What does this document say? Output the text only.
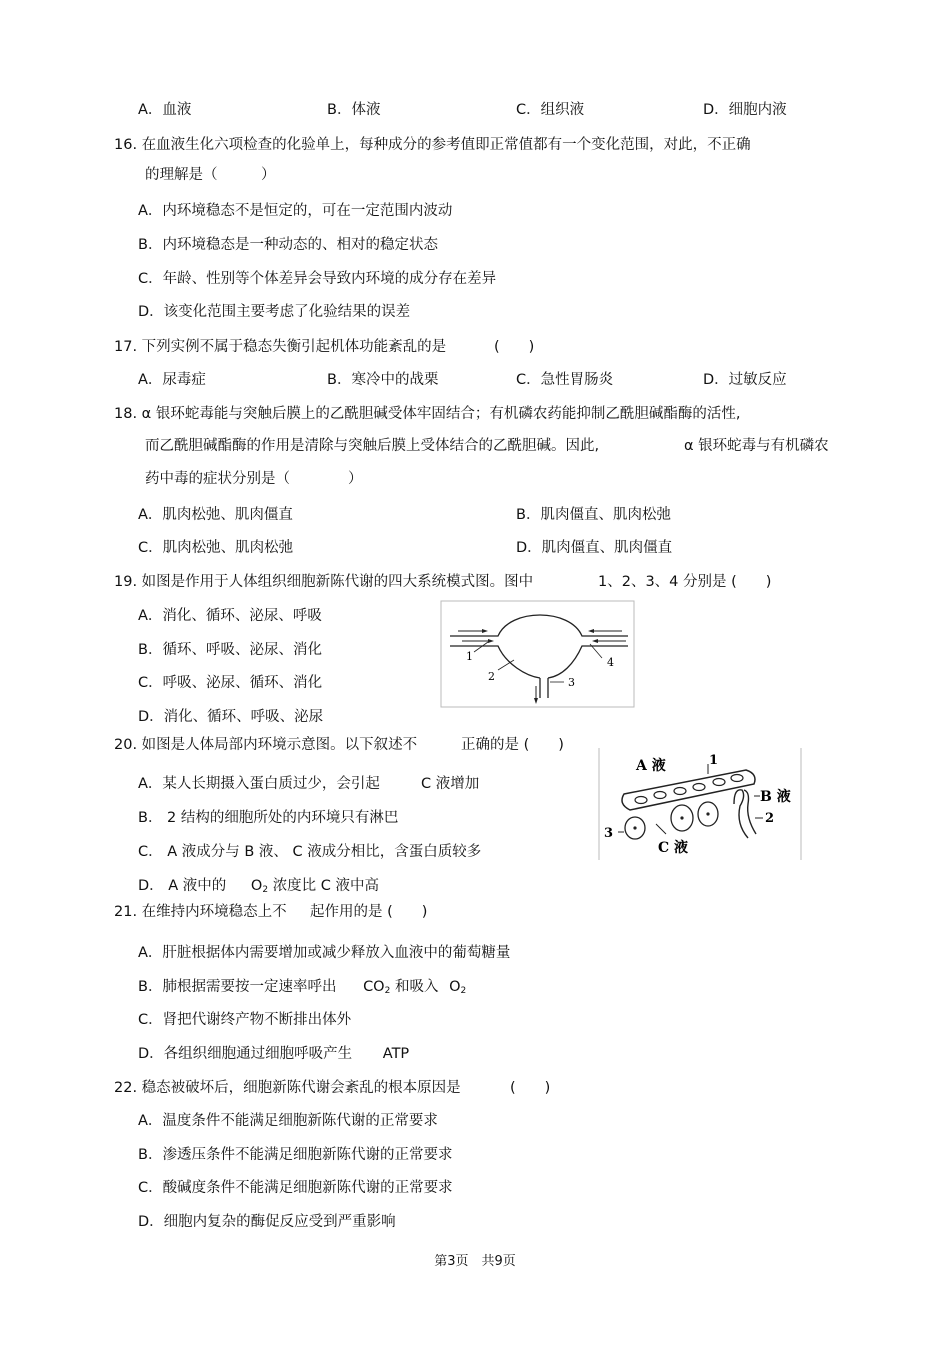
A．血液	B．体液	C．组织液	D．细胞内液
16. 在血液生化六项检查的化验单上，每种成分的参考值即正常值都有一个变化范围，对此，不正确
的理解是（　　　）
A．内环境稳态不是恒定的，可在一定范围内波动
B．内环境稳态是一种动态的、相对的稳定状态
C．年龄、性别等个体差异会导致内环境的成分存在差异
D．该变化范围主要考虑了化验结果的误差
17. 下列实例不属于稳态失衡引起机体功能紊乱的是	(　　)
A．尿毒症	B．寒冷中的战栗	C．急性胃肠炎	D．过敏反应
18. α 银环蛇毒能与突触后膜上的乙酰胆碱受体牢固结合；有机磷农药能抑制乙酰胆碱酯酶的活性,
而乙酰胆碱酯酶的作用是清除与突触后膜上受体结合的乙酰胆碱。因此,	α 银环蛇毒与有机磷农
药中毒的症状分别是（　　　　）
A．肌肉松弛、肌肉僵直	B．肌肉僵直、肌肉松弛
C．肌肉松弛、肌肉松弛	D．肌肉僵直、肌肉僵直
19. 如图是作用于人体组织细胞新陈代谢的四大系统模式图。图中	1、2、3、4 分别是 (　　)
A．消化、循环、泌尿、呼吸
B．循环、呼吸、泌尿、消化
C．呼吸、泌尿、循环、消化
D．消化、循环、呼吸、泌尿
1
2	3
4
20. 如图是人体局部内环境示意图。以下叙述不	正确的是 (　　)
A．某人长期摄入蛋白质过少，会引起	C 液增加
B． 2 结构的细胞所处的内环境只有淋巴
C． A 液成分与 B 液、 C 液成分相比，含蛋白质较多
D． A 液中的 $O_2$ 浓度比 C 液中高
A 液	1
B 液
2
3
C 液
21. 在维持内环境稳态上不 起作用的是 (　　)
A．肝脏根据体内需要增加或减少释放入血液中的葡萄糖量
B．肺根据需要按一定速率呼出 $CO_2$ 和吸入 $O_2$
C．肾把代谢终产物不断排出体外
D．各组织细胞通过细胞呼吸产生 ATP
22. 稳态被破坏后，细胞新陈代谢会紊乱的根本原因是	(　　)
A．温度条件不能满足细胞新陈代谢的正常要求
B．渗透压条件不能满足细胞新陈代谢的正常要求
C．酸碱度条件不能满足细胞新陈代谢的正常要求
D．细胞内复杂的酶促反应受到严重影响
第3页　共9页
